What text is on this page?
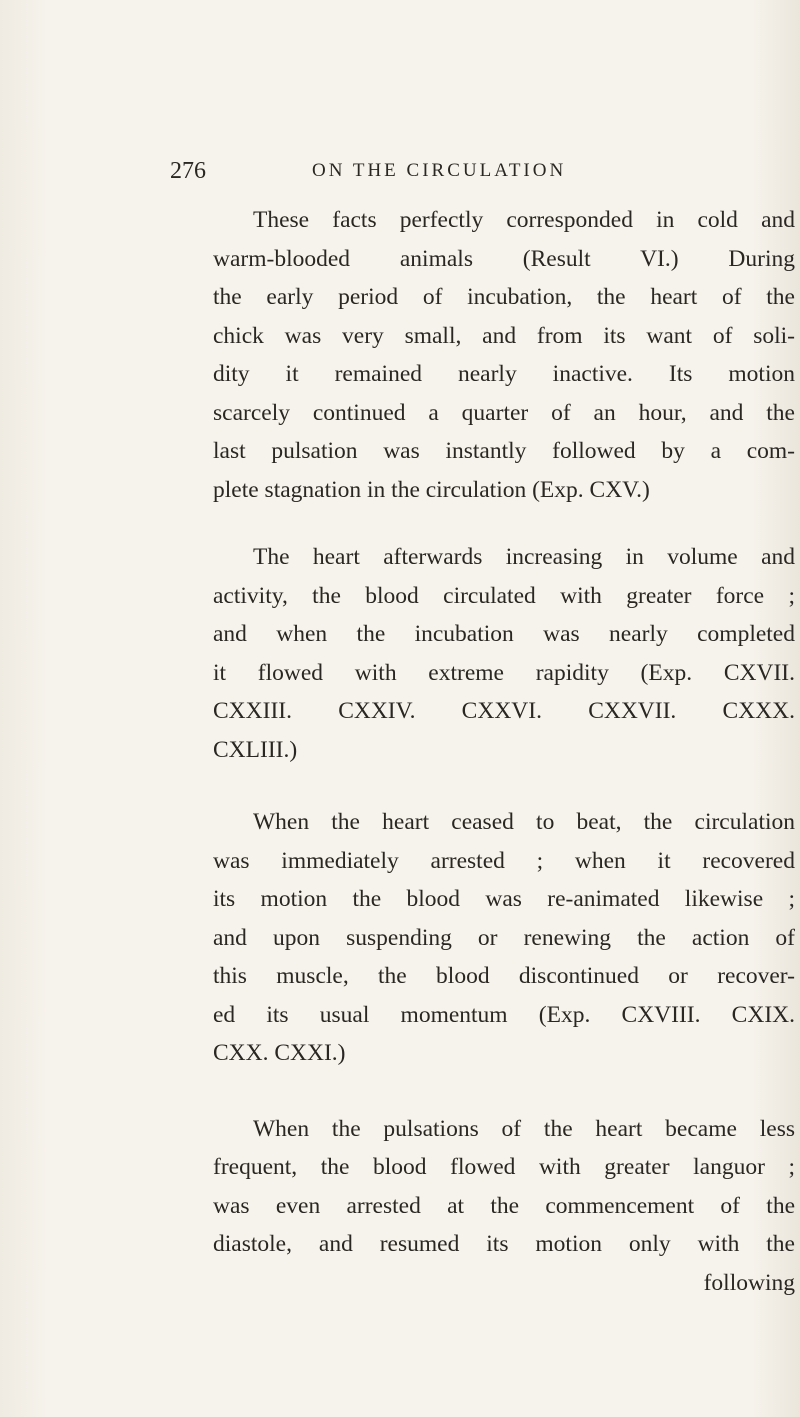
276	ON THE CIRCULATION

These facts perfectly corresponded in cold and
warm-blooded animals (Result VI.) During
the early period of incubation, the heart of the
chick was very small, and from its want of soli-
dity it remained nearly inactive. Its motion
scarcely continued a quarter of an hour, and the
last pulsation was instantly followed by a com-
plete stagnation in the circulation (Exp. CXV.)

The heart afterwards increasing in volume and
activity, the blood circulated with greater force ;
and when the incubation was nearly completed
it flowed with extreme rapidity (Exp. CXVII.
CXXIII. CXXIV. CXXVI. CXXVII. CXXX.
CXLIII.)

When the heart ceased to beat, the circulation
was immediately arrested ; when it recovered
its motion the blood was re-animated likewise ;
and upon suspending or renewing the action of
this muscle, the blood discontinued or recover-
ed its usual momentum (Exp. CXVIII. CXIX.
CXX. CXXI.)

When the pulsations of the heart became less
frequent, the blood flowed with greater languor ;
was even arrested at the commencement of the
diastole, and resumed its motion only with the
following
